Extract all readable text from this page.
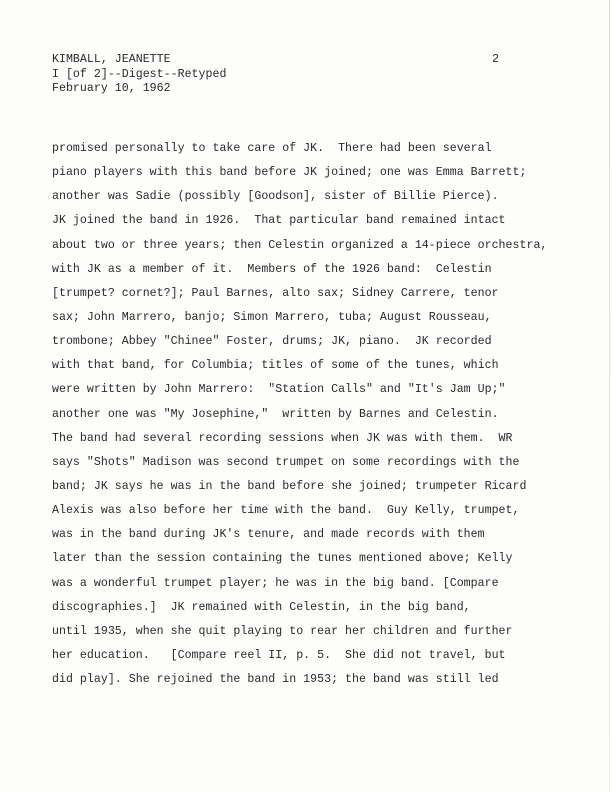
KIMBALL, JEANETTE
I [of 2]--Digest--Retyped
February 10, 1962
2
promised personally to take care of JK.  There had been several
piano players with this band before JK joined; one was Emma Barrett;
another was Sadie (possibly [Goodson], sister of Billie Pierce).
JK joined the band in 1926.  That particular band remained intact
about two or three years; then Celestin organized a 14-piece orchestra,
with JK as a member of it.  Members of the 1926 band:  Celestin
[trumpet? cornet?]; Paul Barnes, alto sax; Sidney Carrere, tenor
sax; John Marrero, banjo; Simon Marrero, tuba; August Rousseau,
trombone; Abbey "Chinee" Foster, drums; JK, piano.  JK recorded
with that band, for Columbia; titles of some of the tunes, which
were written by John Marrero:  "Station Calls" and "It's Jam Up;"
another one was "My Josephine,"  written by Barnes and Celestin.
The band had several recording sessions when JK was with them.  WR
says "Shots" Madison was second trumpet on some recordings with the
band; JK says he was in the band before she joined; trumpeter Ricard
Alexis was also before her time with the band.  Guy Kelly, trumpet,
was in the band during JK's tenure, and made records with them
later than the session containing the tunes mentioned above; Kelly
was a wonderful trumpet player; he was in the big band. [Compare
discographies.]  JK remained with Celestin, in the big band,
until 1935, when she quit playing to rear her children and further
her education.   [Compare reel II, p. 5.  She did not travel, but
did play]. She rejoined the band in 1953; the band was still led
